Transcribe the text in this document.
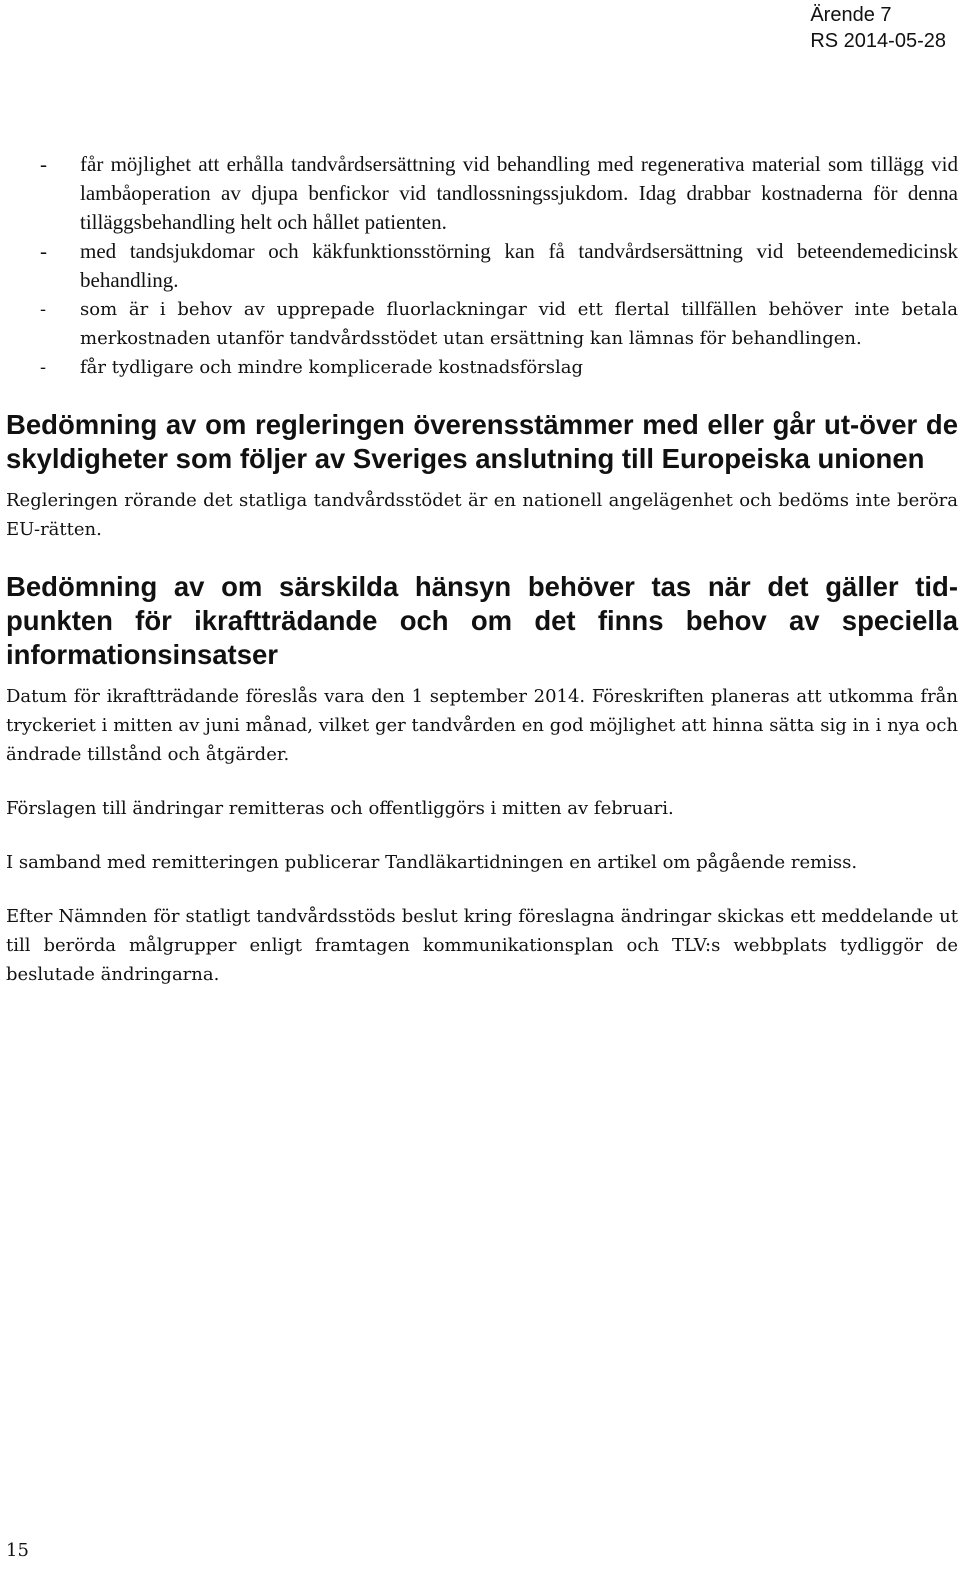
Ärende 7
RS 2014-05-28
- får möjlighet att erhålla tandvårdsersättning vid behandling med regenerativa material som tillägg vid lambåoperation av djupa benfickor vid tandlossningssjukdom. Idag drabbar kostnaderna för denna tilläggsbehandling helt och hållet patienten.
- med tandsjukdomar och käkfunktionsstörning kan få tandvårdsersättning vid beteendemedicinsk behandling.
- som är i behov av upprepade fluorlackningar vid ett flertal tillfällen behöver inte betala merkostnaden utanför tandvårdsstödet utan ersättning kan lämnas för behandlingen.
- får tydligare och mindre komplicerade kostnadsförslag
Bedömning av om regleringen överensstämmer med eller går ut-över de skyldigheter som följer av Sveriges anslutning till Europeiska unionen

Regleringen rörande det statliga tandvårdsstödet är en nationell angelägenhet och bedöms inte beröra EU-rätten.

Bedömning av om särskilda hänsyn behöver tas när det gäller tid-punkten för ikraftträdande och om det finns behov av speciella informationsinsatser

Datum för ikraftträdande föreslås vara den 1 september 2014. Föreskriften planeras att utkomma från tryckeriet i mitten av juni månad, vilket ger tandvården en god möjlighet att hinna sätta sig in i nya och ändrade tillstånd och åtgärder.

Förslagen till ändringar remitteras och offentliggörs i mitten av februari.

I samband med remitteringen publicerar Tandläkartidningen en artikel om pågående remiss.

Efter Nämnden för statligt tandvårdsstöds beslut kring föreslagna ändringar skickas ett meddelande ut till berörda målgrupper enligt framtagen kommunikationsplan och TLV:s webbplats tydliggör de beslutade ändringarna.

15
